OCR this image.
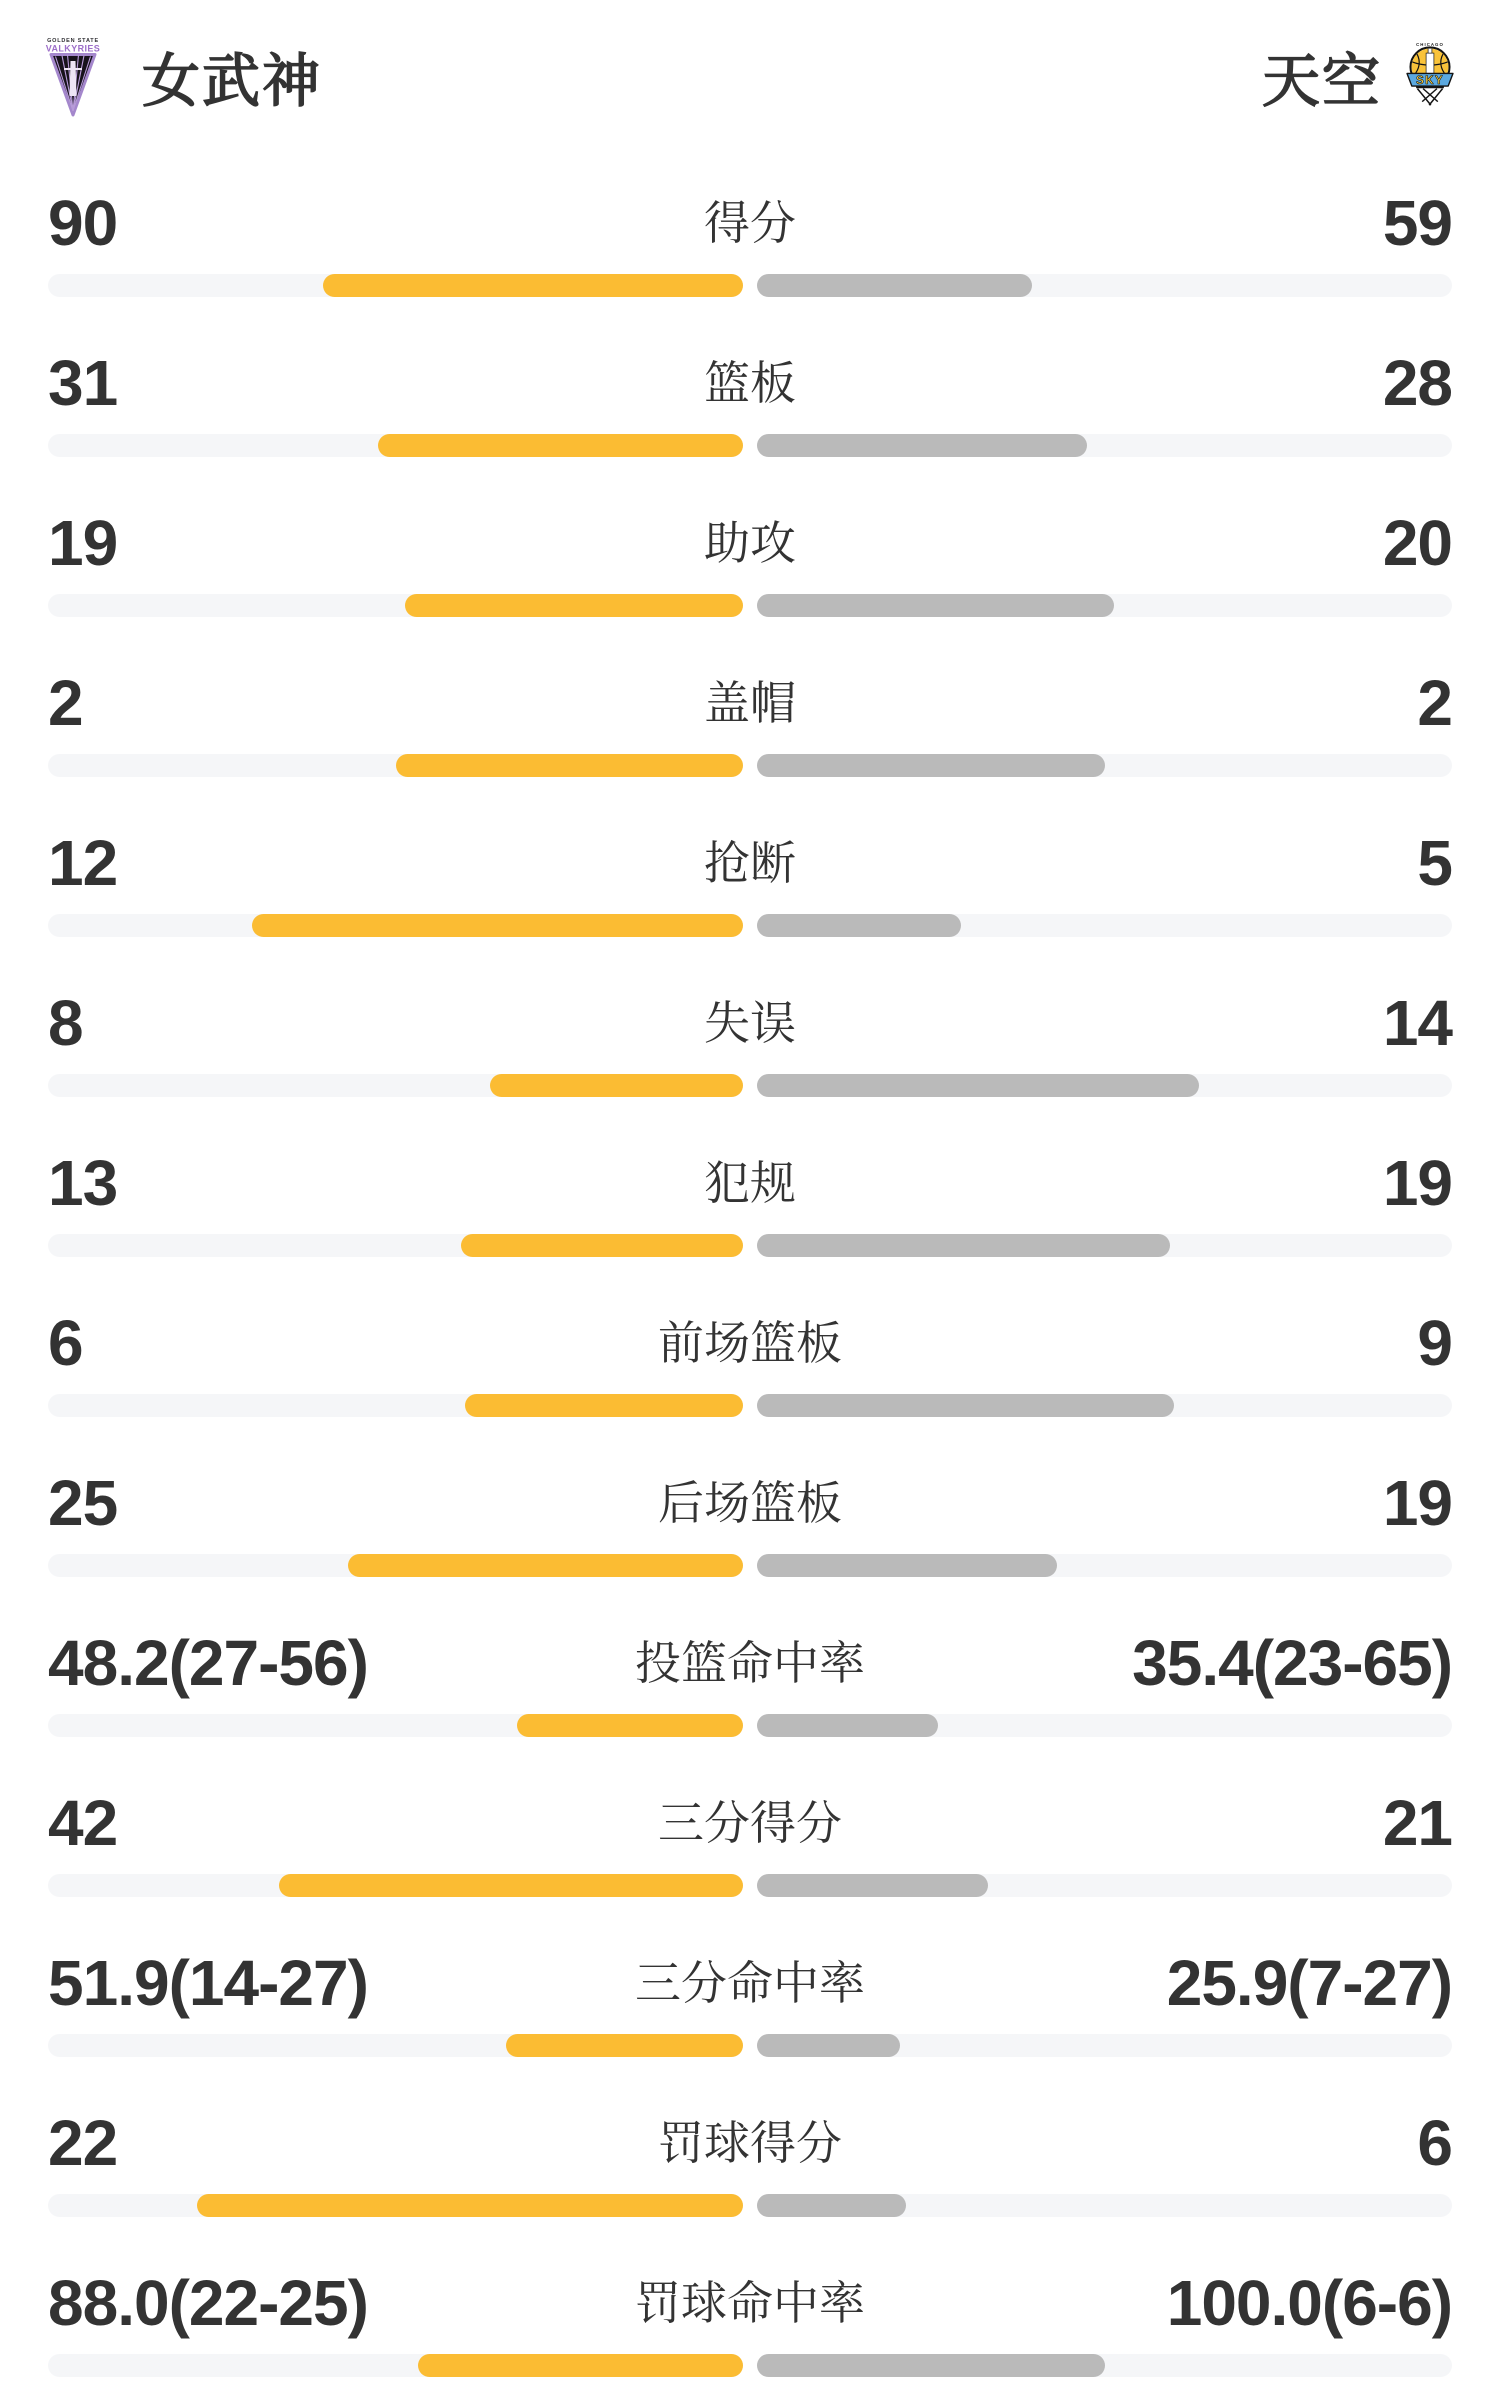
GOLDEN STATE
VALKYRIES
女武神	天空
CHICAGO
SKY
90	得分	59
31	篮板	28
19	助攻	20
2	盖帽	2
12	抢断	5
8	失误	14
13	犯规	19
6	前场篮板	9
25	后场篮板	19
48.2(27-56)	投篮命中率	35.4(23-65)
42	三分得分	21
51.9(14-27)	三分命中率	25.9(7-27)
22	罚球得分	6
88.0(22-25)	罚球命中率	100.0(6-6)
